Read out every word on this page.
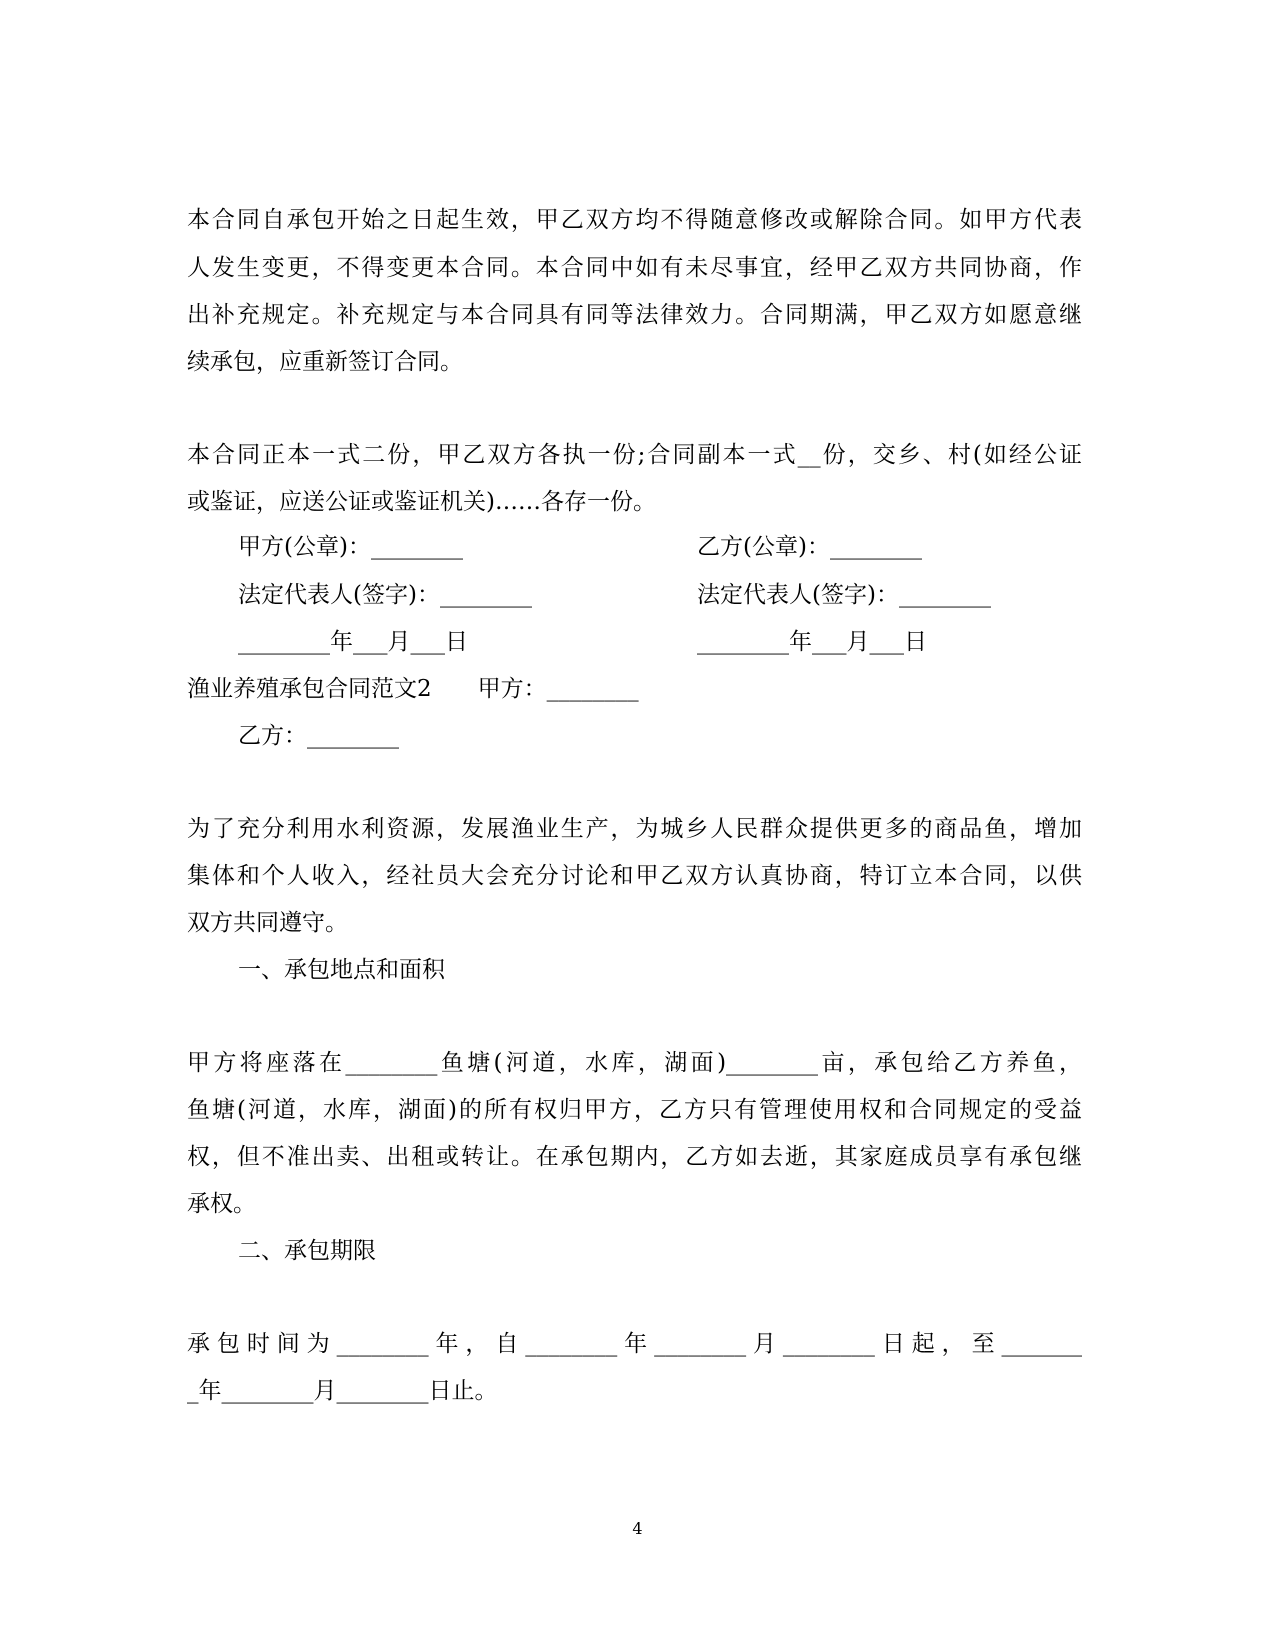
本合同自承包开始之日起生效，甲乙双方均不得随意修改或解除合同。如甲方代表
人发生变更，不得变更本合同。本合同中如有未尽事宜，经甲乙双方共同协商，作
出补充规定。补充规定与本合同具有同等法律效力。合同期满，甲乙双方如愿意继
续承包，应重新签订合同。
本合同正本一式二份，甲乙双方各执一份;合同副本一式__份，交乡、村(如经公证
或鉴证，应送公证或鉴证机关)……各存一份。
甲方(公章)：________	乙方(公章)：________
法定代表人(签字)：________	法定代表人(签字)：________
________年___月___日	________年___月___日
渔业养殖承包合同范文2　　甲方：________
乙方：________
为了充分利用水利资源，发展渔业生产，为城乡人民群众提供更多的商品鱼，增加
集体和个人收入，经社员大会充分讨论和甲乙双方认真协商，特订立本合同，以供
双方共同遵守。
一、承包地点和面积
甲方将座落在________鱼塘(河道，水库，湖面)________亩，承包给乙方养鱼，
鱼塘(河道，水库，湖面)的所有权归甲方，乙方只有管理使用权和合同规定的受益
权，但不准出卖、出租或转让。在承包期内，乙方如去逝，其家庭成员享有承包继
承权。
二、承包期限
承包时间为________年，自________年________月________日起，至_______
_年________月________日止。
4
